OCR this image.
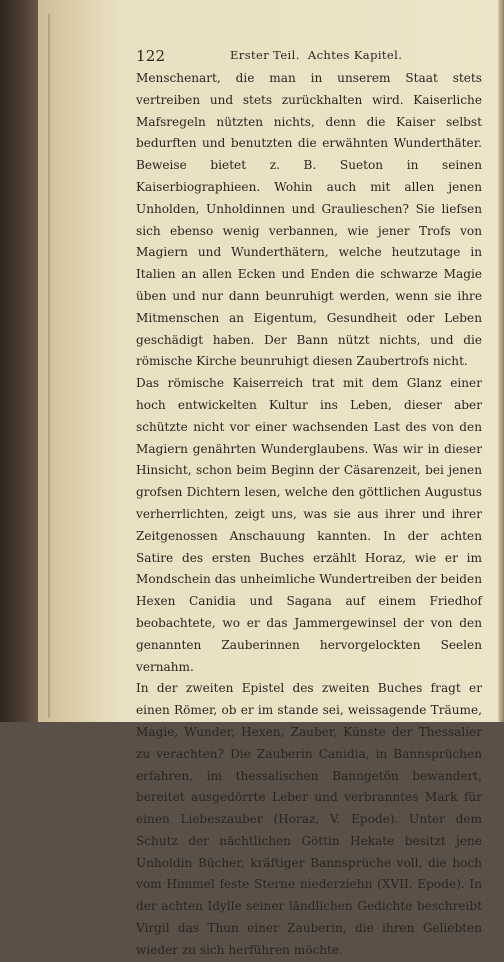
122	Erster Teil.  Achtes Kapitel.

Menschenart, die man in unserem Staat stets vertreiben und stets zurückhalten wird. Kaiserliche Mafsregeln nützten nichts, denn die Kaiser selbst bedurften und benutzten die erwähnten Wunderthäter. Beweise bietet z. B. Sueton in seinen Kaiserbiographieen. Wohin auch mit allen jenen Unholden, Unholdinnen und Graulieschen? Sie liefsen sich ebenso wenig verbannen, wie jener Trofs von Magiern und Wunderthätern, welche heutzutage in Italien an allen Ecken und Enden die schwarze Magie üben und nur dann beunruhigt werden, wenn sie ihre Mitmenschen an Eigentum, Gesundheit oder Leben geschädigt haben. Der Bann nützt nichts, und die römische Kirche beunruhigt diesen Zaubertrofs nicht.

Das römische Kaiserreich trat mit dem Glanz einer hoch entwickelten Kultur ins Leben, dieser aber schützte nicht vor einer wachsenden Last des von den Magiern genährten Wunderglaubens. Was wir in dieser Hinsicht, schon beim Beginn der Cäsarenzeit, bei jenen grofsen Dichtern lesen, welche den göttlichen Augustus verherrlichten, zeigt uns, was sie aus ihrer und ihrer Zeitgenossen Anschauung kannten. In der achten Satire des ersten Buches erzählt Horaz, wie er im Mondschein das unheimliche Wundertreiben der beiden Hexen Canidia und Sagana auf einem Friedhof beobachtete, wo er das Jammergewinsel der von den genannten Zauberinnen hervorgelockten Seelen vernahm.

In der zweiten Epistel des zweiten Buches fragt er einen Römer, ob er im stande sei, weissagende Träume, Magie, Wunder, Hexen, Zauber, Künste der Thessalier zu verachten? Die Zauberin Canidia, in Bannsprüchen erfahren, im thessalischen Banngetön bewandert, bereitet ausgedörrte Leber und verbranntes Mark für einen Liebeszauber (Horaz, V. Epode). Unter dem Schutz der nächtlichen Göttin Hekate besitzt jene Unholdin Bücher, kräftiger Bannsprüche voll, die hoch vom Himmel feste Sterne niederziehn (XVII. Epode). In der achten Idylle seiner ländlichen Gedichte beschreibt Virgil das Thun einer Zauberin, die ihren Geliebten wieder zu sich herführen möchte.
